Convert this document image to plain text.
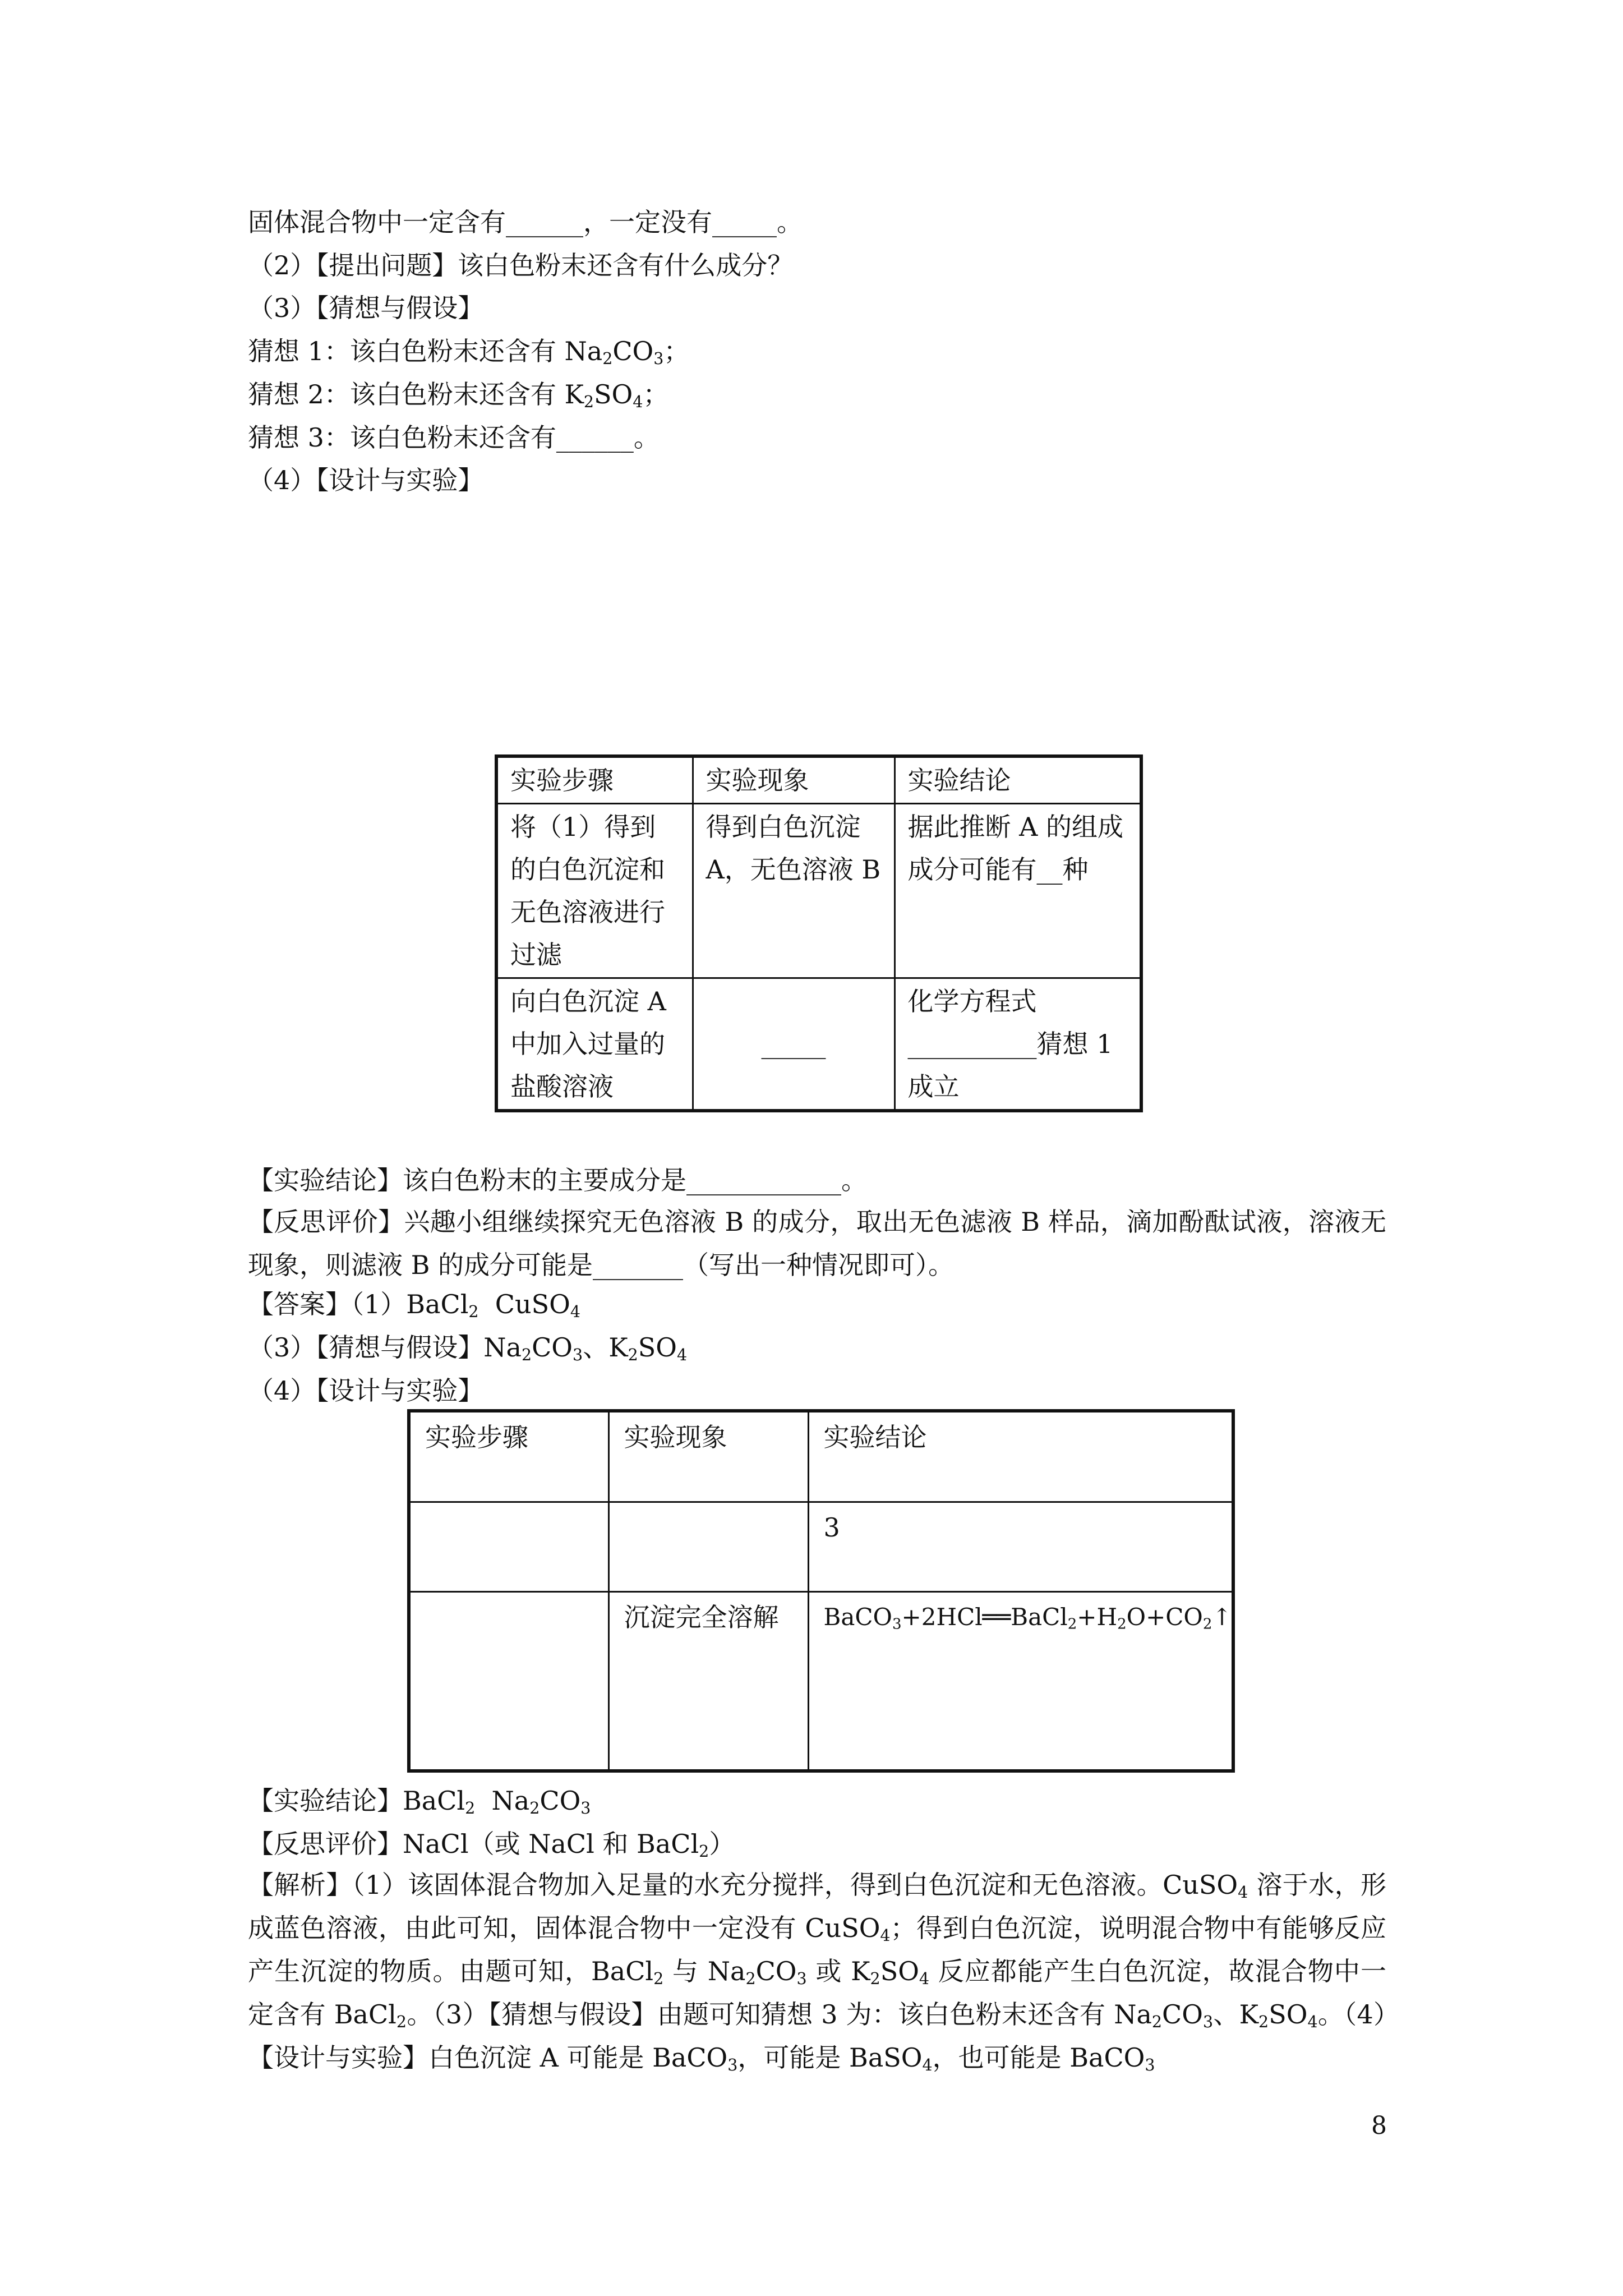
固体混合物中一定含有______，一定没有_____。
（2）【提出问题】该白色粉末还含有什么成分？
（3）【猜想与假设】
猜想 1：该白色粉末还含有 $Na_2CO_3$；
猜想 2：该白色粉末还含有 $K_2SO_4$；
猜想 3：该白色粉末还含有______。
（4）【设计与实验】
实验步骤	实验现象	实验结论
将（1）得到的白色沉淀和无色溶液进行过滤	得到白色沉淀 A，无色溶液 B	据此推断 A 的组成成分可能有__种
向白色沉淀 A 中加入过量的盐酸溶液	_____	化学方程式__________猜想 1 成立
【实验结论】该白色粉末的主要成分是____________。
【反思评价】兴趣小组继续探究无色溶液 B 的成分，取出无色滤液 B 样品，滴加酚酞试液，溶液无现象，则滤液 B 的成分可能是_______（写出一种情况即可）。
【答案】（1）BaCl$_2$  CuSO$_4$
（3）【猜想与假设】$Na_2CO_3$、$K_2SO_4$
（4）【设计与实验】
实验步骤	实验现象	实验结论
		3
	沉淀完全溶解	$BaCO_3+2HCl══BaCl_2+H_2O+CO_2↑$
【实验结论】BaCl$_2$  $Na_2CO_3$
【反思评价】NaCl（或 NaCl 和 BaCl$_2$）
【解析】（1）该固体混合物加入足量的水充分搅拌，得到白色沉淀和无色溶液。CuSO$_4$ 溶于水，形成蓝色溶液，由此可知，固体混合物中一定没有 CuSO$_4$；得到白色沉淀，说明混合物中有能够反应产生沉淀的物质。由题可知，BaCl$_2$ 与 $Na_2CO_3$ 或 $K_2SO_4$ 反应都能产生白色沉淀，故混合物中一定含有 BaCl$_2$。（3）【猜想与假设】由题可知猜想 3 为：该白色粉末还含有 $Na_2CO_3$、$K_2SO_4$。（4）【设计与实验】白色沉淀 A 可能是 BaCO$_3$，可能是 BaSO$_4$，也可能是 BaCO$_3$
8
